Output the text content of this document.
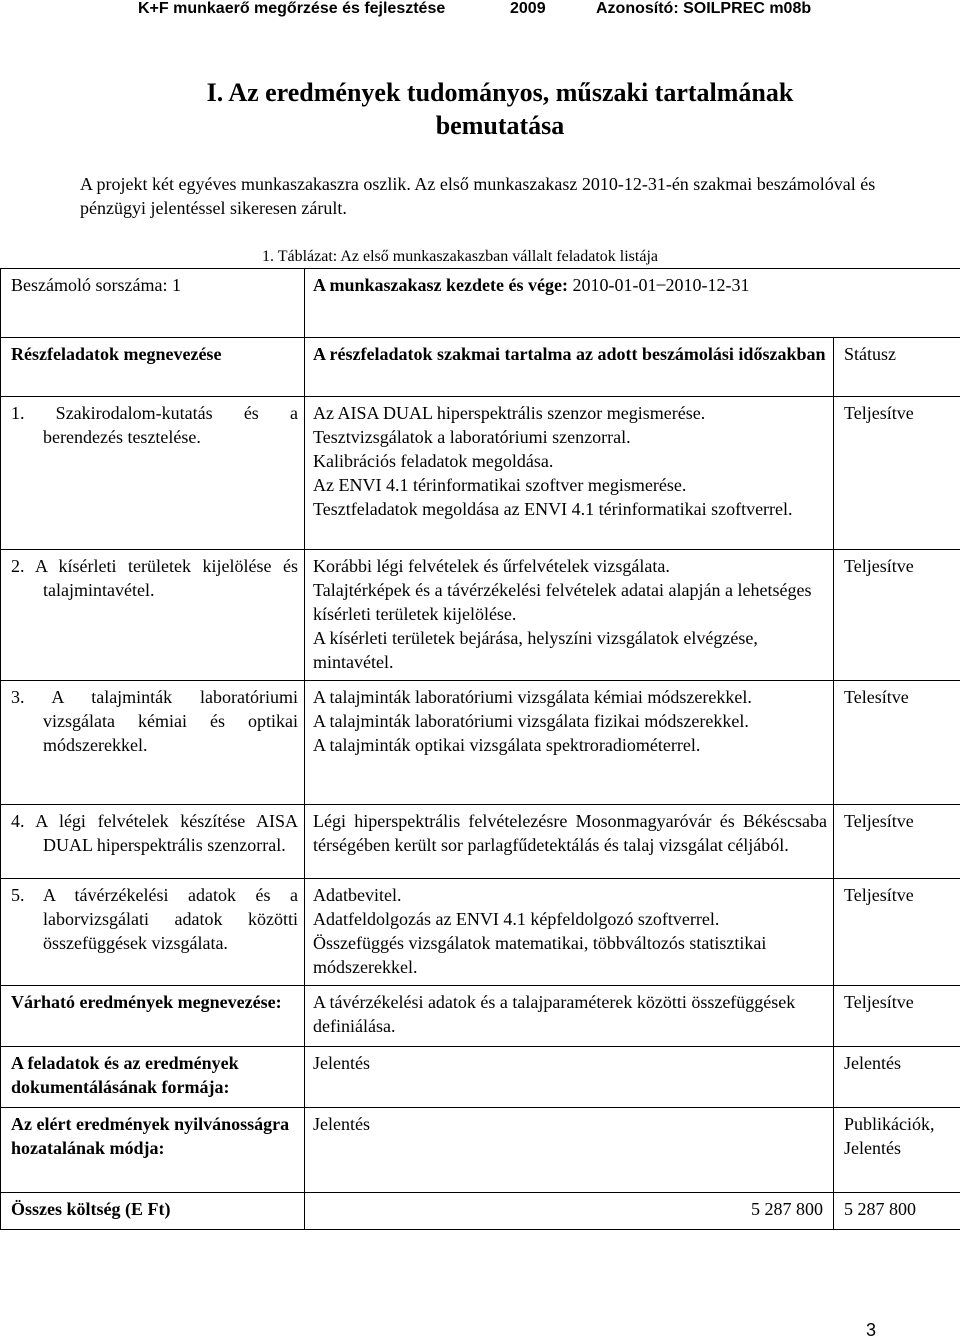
K+F munkaerő megőrzése és fejlesztése	2009	Azonosító: SOILPREC m08b
I. Az eredmények tudományos, műszaki tartalmának
bemutatása
A projekt két egyéves munkaszakaszra oszlik. Az első munkaszakasz 2010-12-31-én szakmai beszámolóval és pénzügyi jelentéssel sikeresen zárult.
1. Táblázat: Az első munkaszakaszban vállalt feladatok listája
Beszámoló sorszáma: 1	A munkaszakasz kezdete és vége: 2010-01-01 ̶ 2010-12-31	
Részfeladatok megnevezése	A részfeladatok szakmai tartalma az adott beszámolási időszakban	Státusz

1. Szakirodalom-kutatás és a berendezés tesztelése.	Az AISA DUAL hiperspektrális szenzor megismerése.
Tesztvizsgálatok a laboratóriumi szenzorral.
Kalibrációs feladatok megoldása.
Az ENVI 4.1 térinformatikai szoftver megismerése.
Tesztfeladatok megoldása az ENVI 4.1 térinformatikai szoftverrel.	Teljesítve

2. A kísérleti területek kijelölése és talajmintavétel.	Korábbi légi felvételek és űrfelvételek vizsgálata.
Talajtérképek és a távérzékelési felvételek adatai alapján a lehetséges kísérleti területek kijelölése.
A kísérleti területek bejárása, helyszíni vizsgálatok elvégzése, mintavétel.	Teljesítve

3. A talajminták laboratóriumi vizsgálata kémiai és optikai módszerekkel.	A talajminták laboratóriumi vizsgálata kémiai módszerekkel.
A talajminták laboratóriumi vizsgálata fizikai módszerekkel.
A talajminták optikai vizsgálata spektroradiométerrel.	Telesítve

4. A légi felvételek készítése AISA DUAL hiperspektrális szenzorral.	Légi hiperspektrális felvételezésre Mosonmagyaróvár és Békéscsaba térségében került sor parlagfűdetektálás és talaj vizsgálat céljából.	Teljesítve

5. A távérzékelési adatok és a laborvizsgálati adatok közötti összefüggések vizsgálata.	Adatbevitel.
Adatfeldolgozás az ENVI 4.1 képfeldolgozó szoftverrel.
Összefüggés vizsgálatok matematikai, többváltozós statisztikai módszerekkel.	Teljesítve
Várható eredmények megnevezése:	A távérzékelési adatok és a talajparaméterek közötti összefüggések definiálása.	Teljesítve
A feladatok és az eredmények dokumentálásának formája:	Jelentés	Jelentés
Az elért eredmények nyilvánosságra hozatalának módja:	Jelentés	Publikációk, Jelentés
Összes költség (E Ft)	5 287 800	5 287 800
3
